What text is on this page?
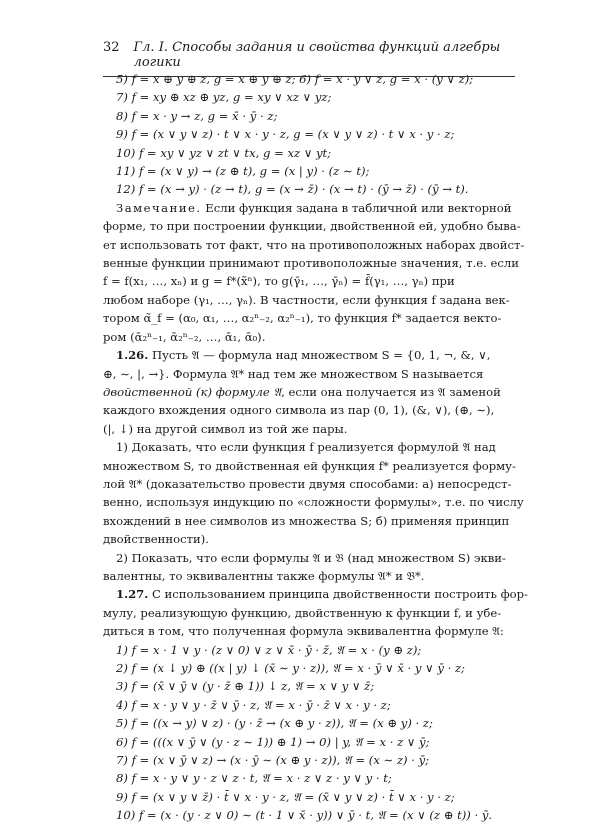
32 Гл. I. Способы задания и свойства функций алгебры логики
5) f = x ⊕ y ⊕ z, g = x ⊕ y ⊕ z; 6) f = x · y ∨ z, g = x · (y ∨ z);
7) f = xy ⊕ xz ⊕ yz, g = xy ∨ xz ∨ yz;
8) f = x · y → z, g = x̄ · ȳ · z;
9) f = (x ∨ y ∨ z) · t ∨ x · y · z, g = (x ∨ y ∨ z) · t ∨ x · y · z;
10) f = xy ∨ yz ∨ zt ∨ tx, g = xz ∨ yt;
11) f = (x ∨ y) → (z ⊕ t), g = (x | y) · (z ∼ t);
12) f = (x → y) · (z → t), g = (x → z̄) · (x → t) · (ȳ → z̄) · (ȳ → t).
Замечание. Если функция задана в табличной или векторной
форме, то при построении функции, двойственной ей, удобно быва-
ет использовать тот факт, что на противоположных наборах двойст-
венные функции принимают противоположные значения, т.е. если
f = f(x₁, …, xₙ) и g = f*(x̃ⁿ), то g(γ̄₁, …, γ̄ₙ) = f̄(γ₁, …, γₙ) при
любом наборе (γ₁, …, γₙ). В частности, если функция f задана век-
тором α̃_f = (α₀, α₁, …, α₂ⁿ₋₂, α₂ⁿ₋₁), то функция f* задается векто-
ром (ᾱ₂ⁿ₋₁, ᾱ₂ⁿ₋₂, …, ᾱ₁, ᾱ₀).
1.26. Пусть 𝔄 — формула над множеством S = {0, 1, ¬, &, ∨,
⊕, ∼, |, →}. Формула 𝔄* над тем же множеством S называется
двойственной (к) формуле 𝔄, если она получается из 𝔄 заменой
каждого вхождения одного символа из пар (0, 1), (&, ∨), (⊕, ∼),
(|, ↓) на другой символ из той же пары.
1) Доказать, что если функция f реализуется формулой 𝔄 над
множеством S, то двойственная ей функция f* реализуется форму-
лой 𝔄* (доказательство провести двумя способами: а) непосредст-
венно, используя индукцию по «сложности формулы», т.е. по числу
вхождений в нее символов из множества S; б) применяя принцип
двойственности).
2) Показать, что если формулы 𝔄 и 𝔅 (над множеством S) экви-
валентны, то эквивалентны также формулы 𝔄* и 𝔅*.
1.27. С использованием принципа двойственности построить фор-
мулу, реализующую функцию, двойственную к функции f, и убе-
диться в том, что полученная формула эквивалентна формуле 𝔄:
1) f = x · 1 ∨ y · (z ∨ 0) ∨ z ∨ x̄ · ȳ · z̄, 𝔄 = x · (y ⊕ z);
2) f = (x ↓ y) ⊕ ((x | y) ↓ (x̄ ∼ y · z)), 𝔄 = x · ȳ ∨ x̄ · y ∨ ȳ · z;
3) f = (x̄ ∨ ȳ ∨ (y · z̄ ⊕ 1)) ↓ z, 𝔄 = x ∨ y ∨ z̄;
4) f = x · y ∨ y · z̄ ∨ ȳ · z, 𝔄 = x · ȳ · z̄ ∨ x · y · z;
5) f = ((x → y) ∨ z) · (y · z̄ → (x ⊕ y · z)), 𝔄 = (x ⊕ y) · z;
6) f = (((x ∨ ȳ ∨ (y · z ∼ 1)) ⊕ 1) → 0) | y, 𝔄 = x · z ∨ ȳ;
7) f = (x ∨ ȳ ∨ z) → (x · ȳ ∼ (x ⊕ y · z)), 𝔄 = (x ∼ z) · ȳ;
8) f = x · y ∨ y · z ∨ z · t, 𝔄 = x · z ∨ z · y ∨ y · t;
9) f = (x ∨ y ∨ z̄) · t̄ ∨ x · y · z, 𝔄 = (x̄ ∨ y ∨ z) · t̄ ∨ x · y · z;
10) f = (x · (y · z ∨ 0) ∼ (t · 1 ∨ x̄ · y)) ∨ ȳ · t, 𝔄 = (x ∨ (z ⊕ t)) · ȳ.
